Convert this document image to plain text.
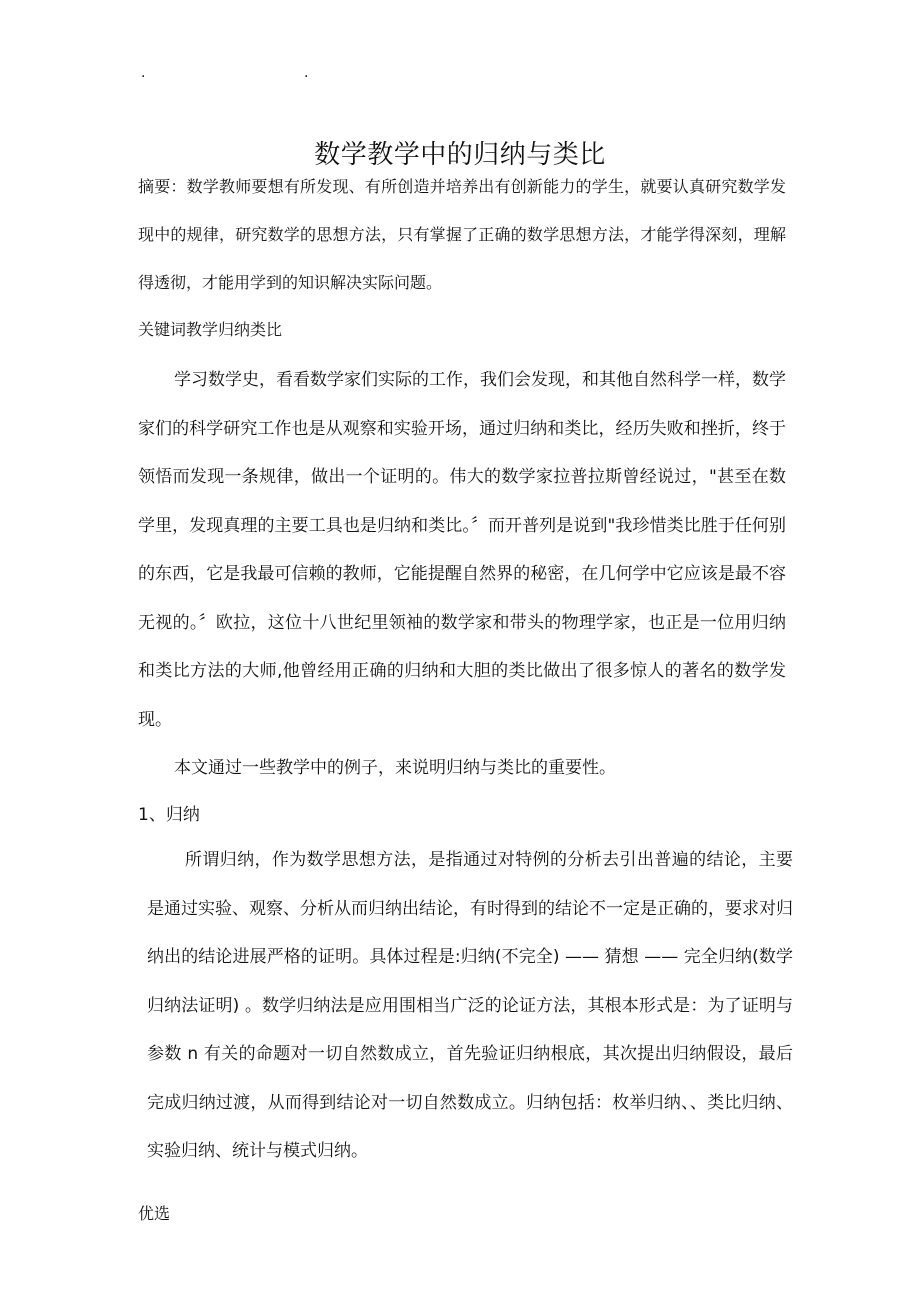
.	.
数学教学中的归纳与类比

摘要：数学教师要想有所发现、有所创造并培养出有创新能力的学生，就要认真研究数学发现中的规律，研究数学的思想方法，只有掌握了正确的数学思想方法，才能学得深刻，理解得透彻，才能用学到的知识解决实际问题。

关键词教学归纳类比

学习数学史，看看数学家们实际的工作，我们会发现，和其他自然科学一样，数学家们的科学研究工作也是从观察和实验开场，通过归纳和类比，经历失败和挫折，终于领悟而发现一条规律，做出一个证明的。伟大的数学家拉普拉斯曾经说过，"甚至在数学里，发现真理的主要工具也是归纳和类比。〞而开普列是说到"我珍惜类比胜于任何别的东西，它是我最可信赖的教师，它能提醒自然界的秘密，在几何学中它应该是最不容无视的。〞欧拉，这位十八世纪里领袖的数学家和带头的物理学家，也正是一位用归纳和类比方法的大师,他曾经用正确的归纳和大胆的类比做出了很多惊人的著名的数学发现。

本文通过一些教学中的例子，来说明归纳与类比的重要性。

1、归纳

所谓归纳，作为数学思想方法，是指通过对特例的分析去引出普遍的结论，主要是通过实验、观察、分析从而归纳出结论，有时得到的结论不一定是正确的，要求对归纳出的结论进展严格的证明。具体过程是:归纳(不完全) —— 猜想 —— 完全归纳(数学归纳法证明) 。数学归纳法是应用围相当广泛的论证方法，其根本形式是：为了证明与参数 n 有关的命题对一切自然数成立，首先验证归纳根底，其次提出归纳假设，最后完成归纳过渡，从而得到结论对一切自然数成立。归纳包括：枚举归纳、、类比归纳、实验归纳、统计与模式归纳。

优选
